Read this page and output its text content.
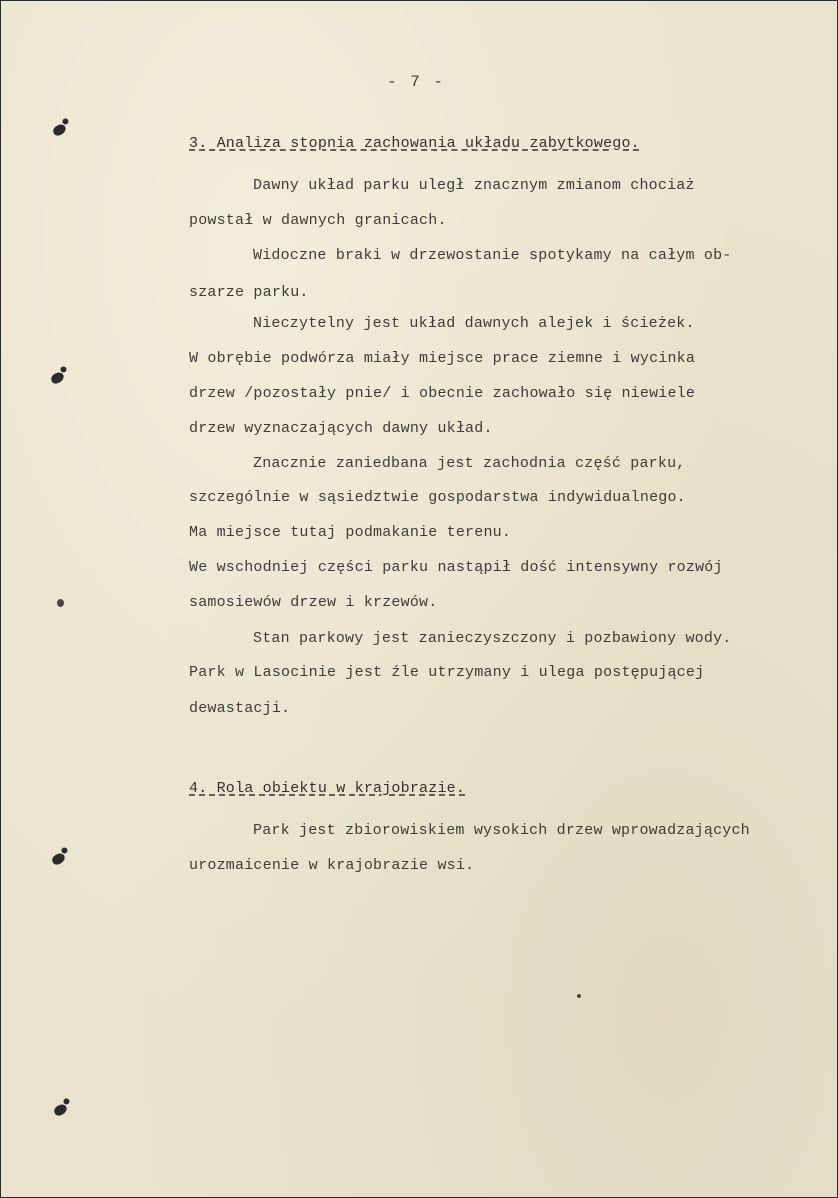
- 7 -
3. Analiza stopnia zachowania układu zabytkowego.
Dawny układ parku uległ znacznym zmianom chociaż
powstał w dawnych granicach.
Widoczne braki w drzewostanie spotykamy na całym ob-
szarze parku.
Nieczytelny jest układ dawnych alejek i ścieżek.
W obrębie podwórza miały miejsce prace ziemne i wycinka
drzew /pozostały pnie/ i obecnie zachowało się niewiele
drzew wyznaczających dawny układ.
Znacznie zaniedbana jest zachodnia część parku,
szczególnie w sąsiedztwie gospodarstwa indywidualnego.
Ma miejsce tutaj podmakanie terenu.
We wschodniej części parku nastąpił dość intensywny rozwój
samosiewów drzew i krzewów.
Stan parkowy jest zanieczyszczony i pozbawiony wody.
Park w Lasocinie jest źle utrzymany i ulega postępującej
dewastacji.
4. Rola obiektu w krajobrazie.
Park jest zbiorowiskiem wysokich drzew wprowadzających
urozmaicenie w krajobrazie wsi.
